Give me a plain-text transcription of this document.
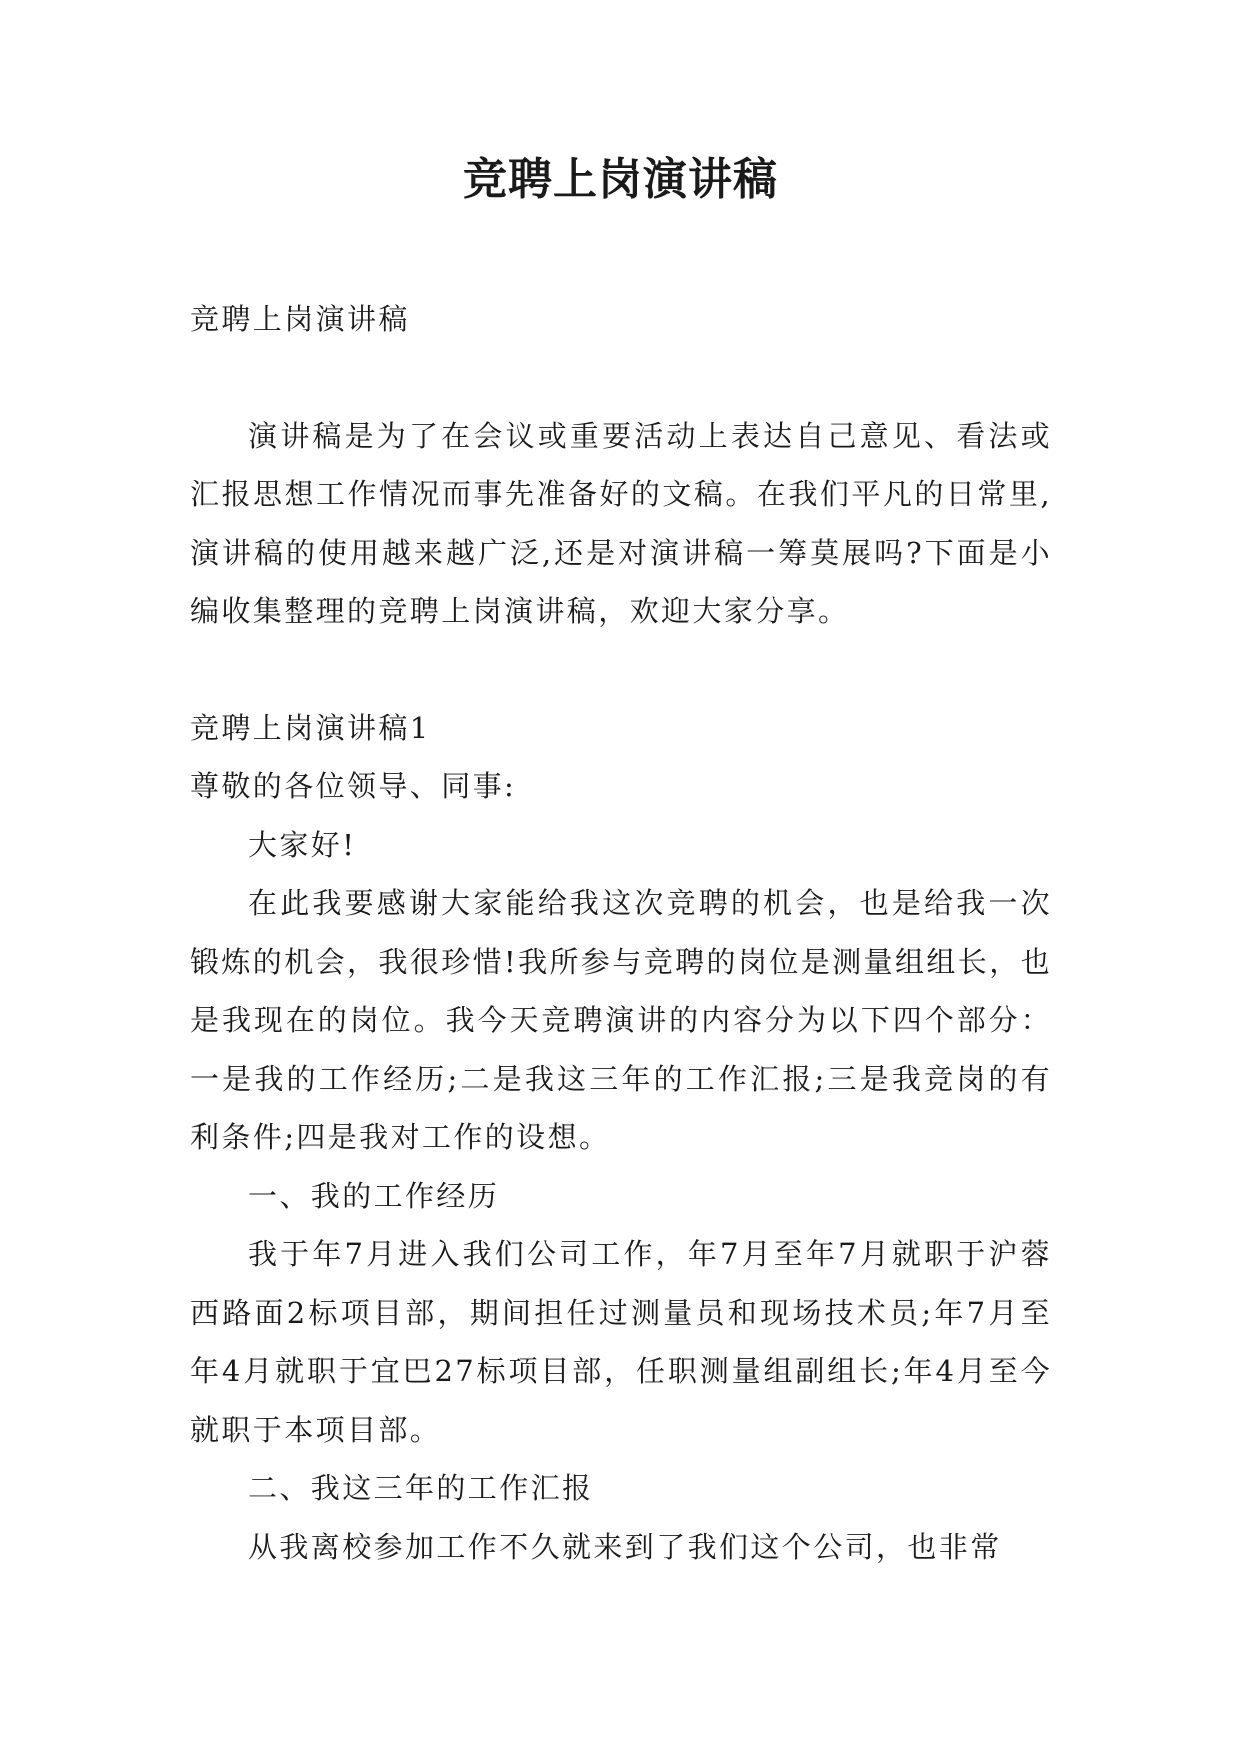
竞聘上岗演讲稿

竞聘上岗演讲稿

演讲稿是为了在会议或重要活动上表达自己意见、看法或汇报思想工作情况而事先准备好的文稿。在我们平凡的日常里,演讲稿的使用越来越广泛,还是对演讲稿一筹莫展吗?下面是小编收集整理的竞聘上岗演讲稿，欢迎大家分享。

竞聘上岗演讲稿1

尊敬的各位领导、同事:

大家好!

在此我要感谢大家能给我这次竞聘的机会，也是给我一次锻炼的机会，我很珍惜!我所参与竞聘的岗位是测量组组长，也是我现在的岗位。我今天竞聘演讲的内容分为以下四个部分：一是我的工作经历;二是我这三年的工作汇报;三是我竞岗的有利条件;四是我对工作的设想。

一、我的工作经历

我于年7月进入我们公司工作，年7月至年7月就职于沪蓉西路面2标项目部，期间担任过测量员和现场技术员;年7月至年4月就职于宜巴27标项目部，任职测量组副组长;年4月至今就职于本项目部。

二、我这三年的工作汇报

从我离校参加工作不久就来到了我们这个公司，也非常
